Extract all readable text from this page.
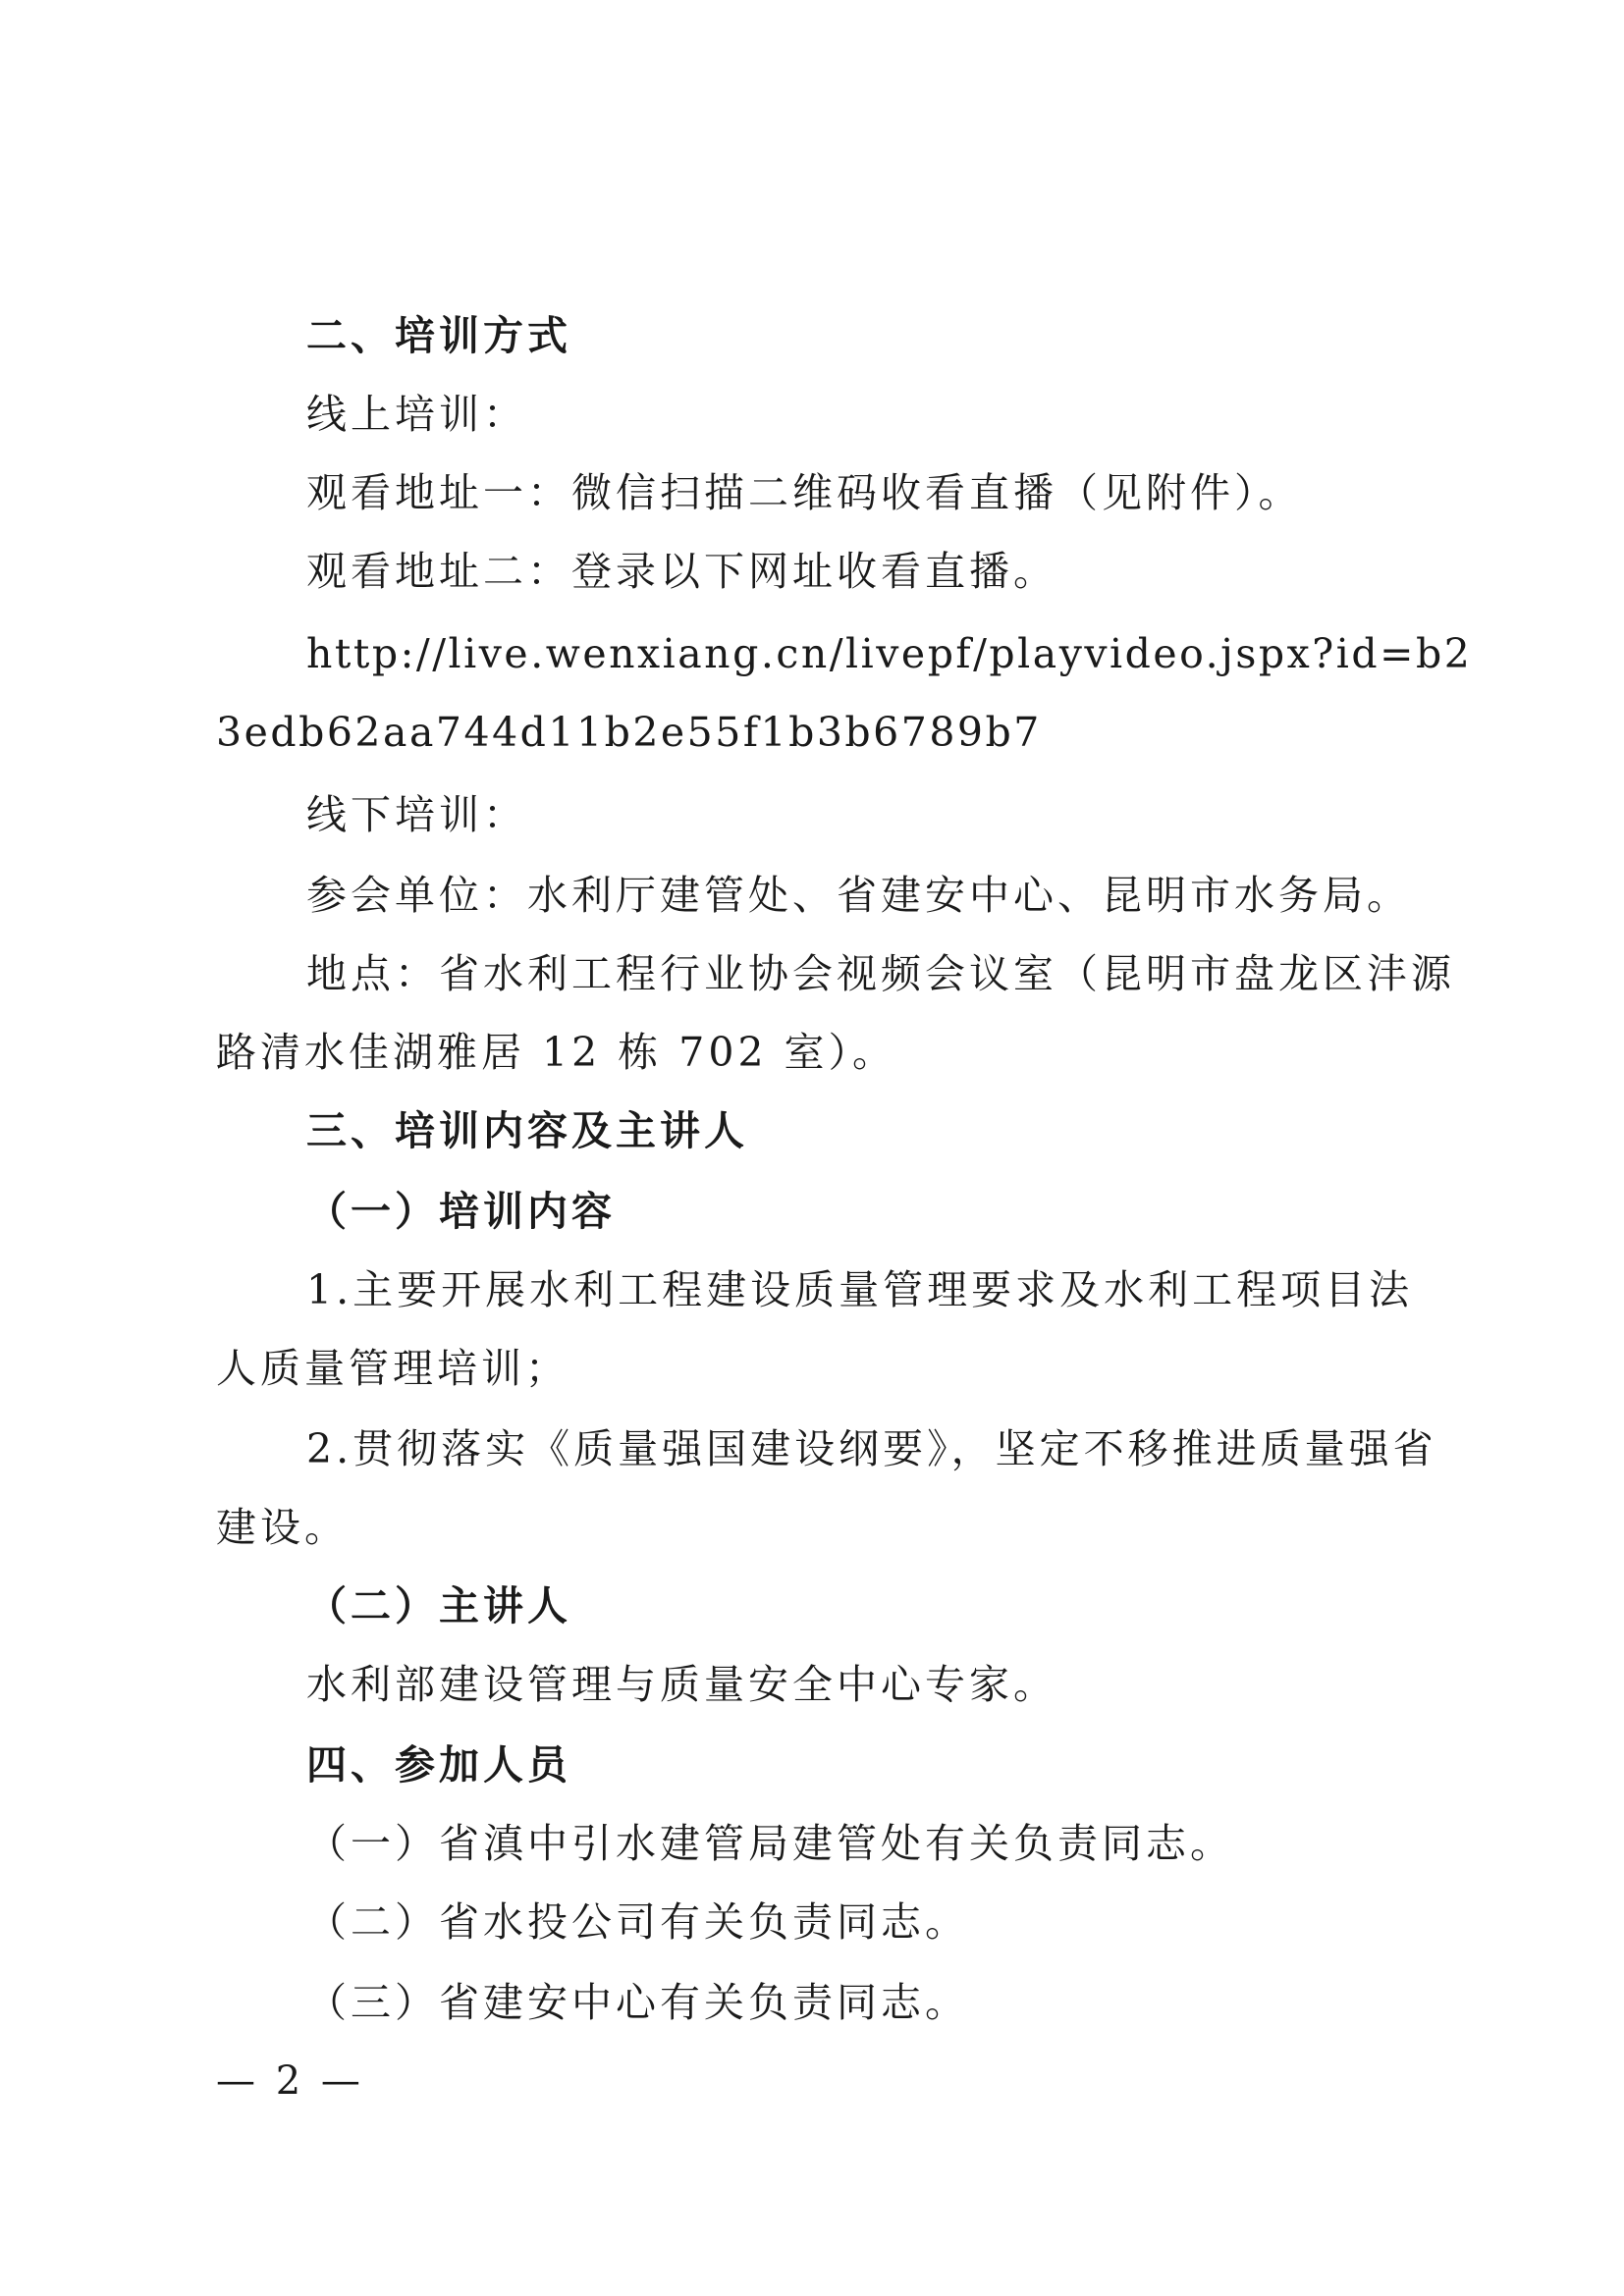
二、培训方式
线上培训：
观看地址一：微信扫描二维码收看直播（见附件）。
观看地址二：登录以下网址收看直播。
http://live.wenxiang.cn/livepf/playvideo.jspx?id=b2
3edb62aa744d11b2e55f1b3b6789b7
线下培训：
参会单位：水利厅建管处、省建安中心、昆明市水务局。
地点：省水利工程行业协会视频会议室（昆明市盘龙区沣源
路清水佳湖雅居 12 栋 702 室）。
三、培训内容及主讲人
（一）培训内容
1.主要开展水利工程建设质量管理要求及水利工程项目法
人质量管理培训；
2.贯彻落实《质量强国建设纲要》，坚定不移推进质量强省
建设。
（二）主讲人
水利部建设管理与质量安全中心专家。
四、参加人员
（一）省滇中引水建管局建管处有关负责同志。
（二）省水投公司有关负责同志。
（三）省建安中心有关负责同志。
— 2 —
